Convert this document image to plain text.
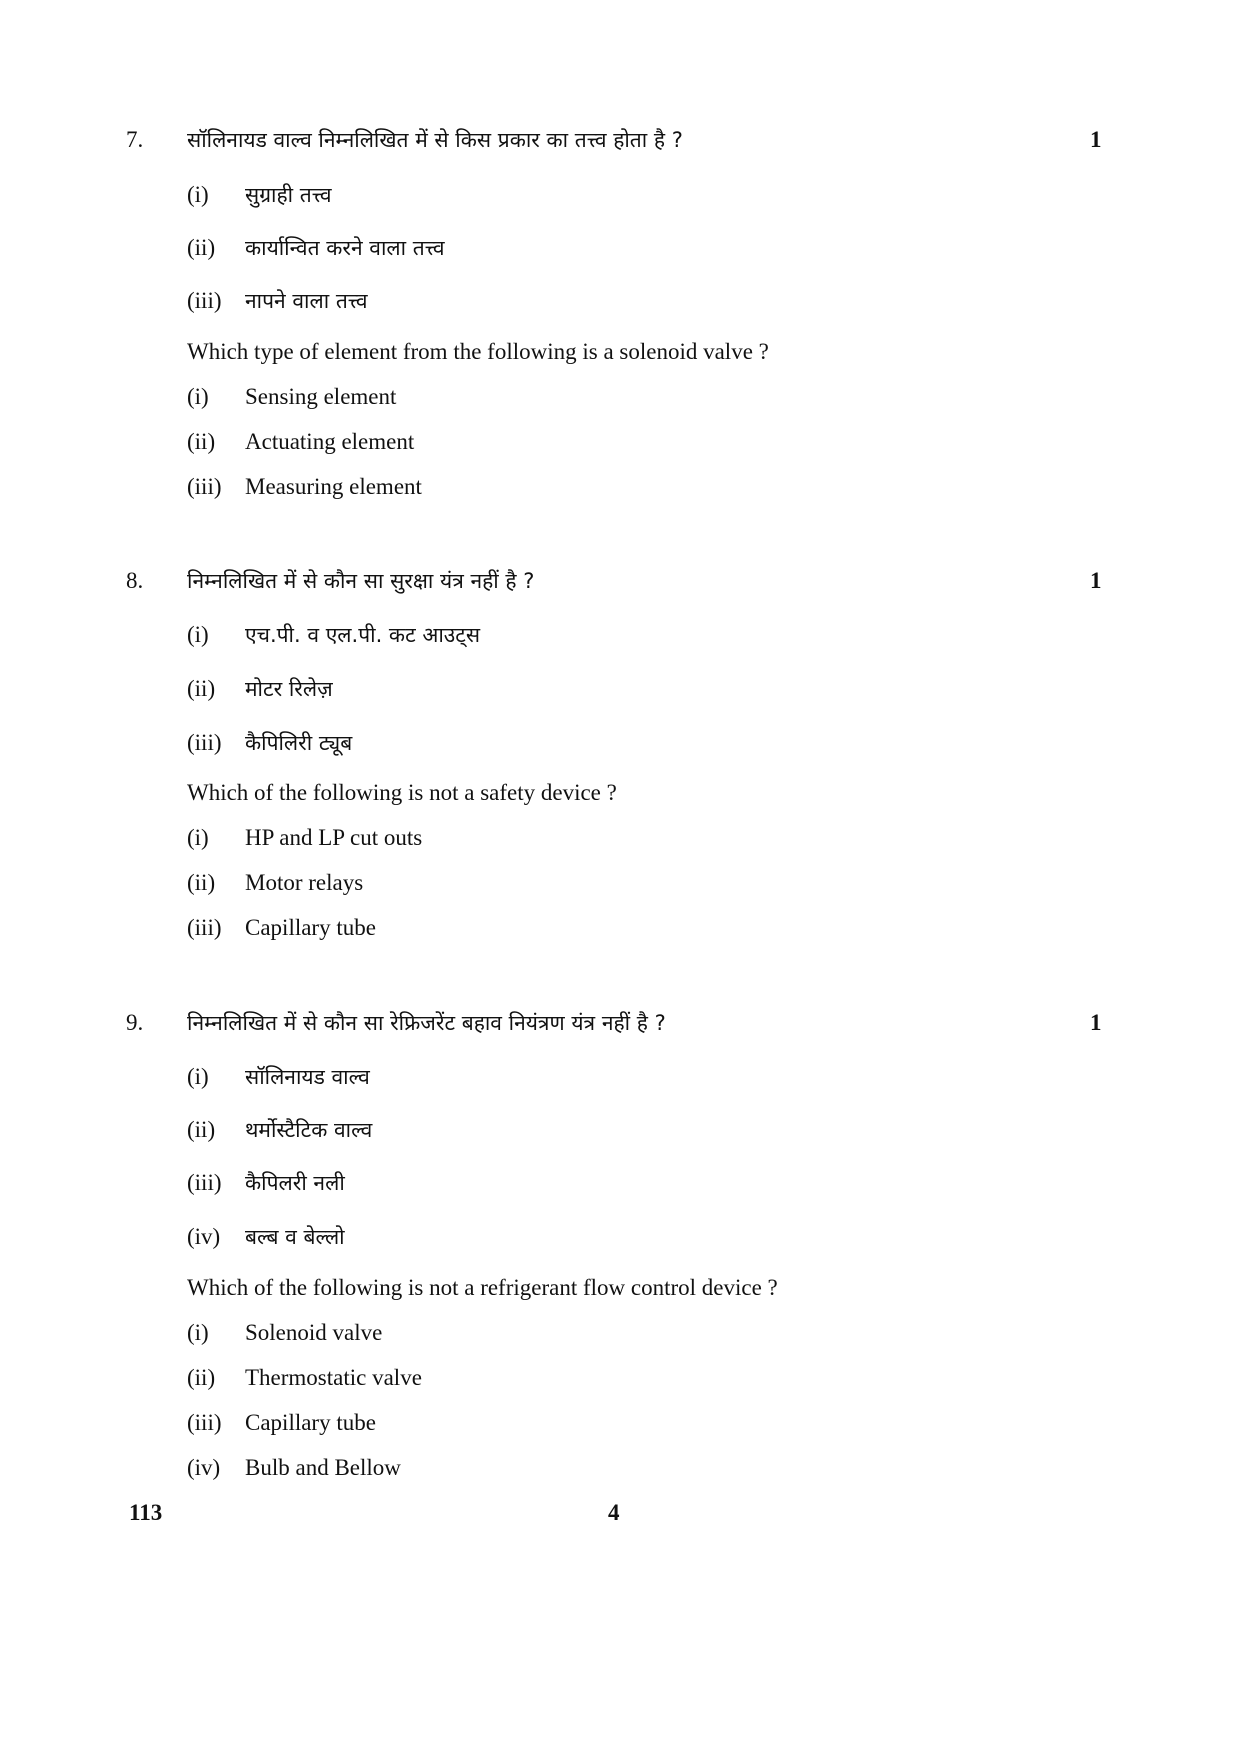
7. सॉलिनायड वाल्व निम्नलिखित में से किस प्रकार का तत्त्व होता है ?	1
(i) सुग्राही तत्त्व
(ii) कार्यान्वित करने वाला तत्त्व
(iii) नापने वाला तत्त्व
Which type of element from the following is a solenoid valve ?
(i) Sensing element
(ii) Actuating element
(iii) Measuring element
8. निम्नलिखित में से कौन सा सुरक्षा यंत्र नहीं है ?	1
(i) एच.पी. व एल.पी. कट आउट्स
(ii) मोटर रिलेज़
(iii) कैपिलिरी ट्यूब
Which of the following is not a safety device ?
(i) HP and LP cut outs
(ii) Motor relays
(iii) Capillary tube
9. निम्नलिखित में से कौन सा रेफ्रिजरेंट बहाव नियंत्रण यंत्र नहीं है ?	1
(i) सॉलिनायड वाल्व
(ii) थर्मोस्टैटिक वाल्व
(iii) कैपिलरी नली
(iv) बल्ब व बेल्लो
Which of the following is not a refrigerant flow control device ?
(i) Solenoid valve
(ii) Thermostatic valve
(iii) Capillary tube
(iv) Bulb and Bellow
113	4
